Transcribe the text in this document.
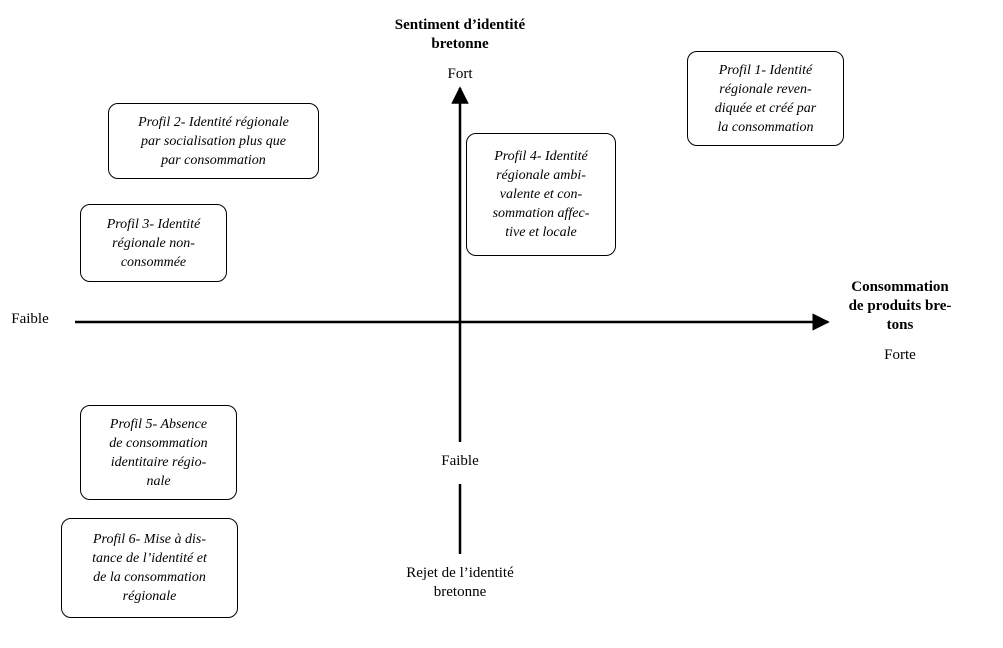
Sentiment d’identité
bretonne
Fort
Faible
Rejet de l’identité
bretonne
Faible
Consommation
de produits bre-
tons
Forte
Profil 1- Identité
régionale reven-
diquée et créé par
la consommation
Profil 2- Identité régionale
par socialisation plus que
par consommation
Profil 3- Identité
régionale non-
consommée
Profil 4- Identité
régionale ambi-
valente et con-
sommation affec-
tive et locale
Profil 5- Absence
de consommation
identitaire régio-
nale
Profil 6- Mise à dis-
tance de l’identité et
de la consommation
régionale
